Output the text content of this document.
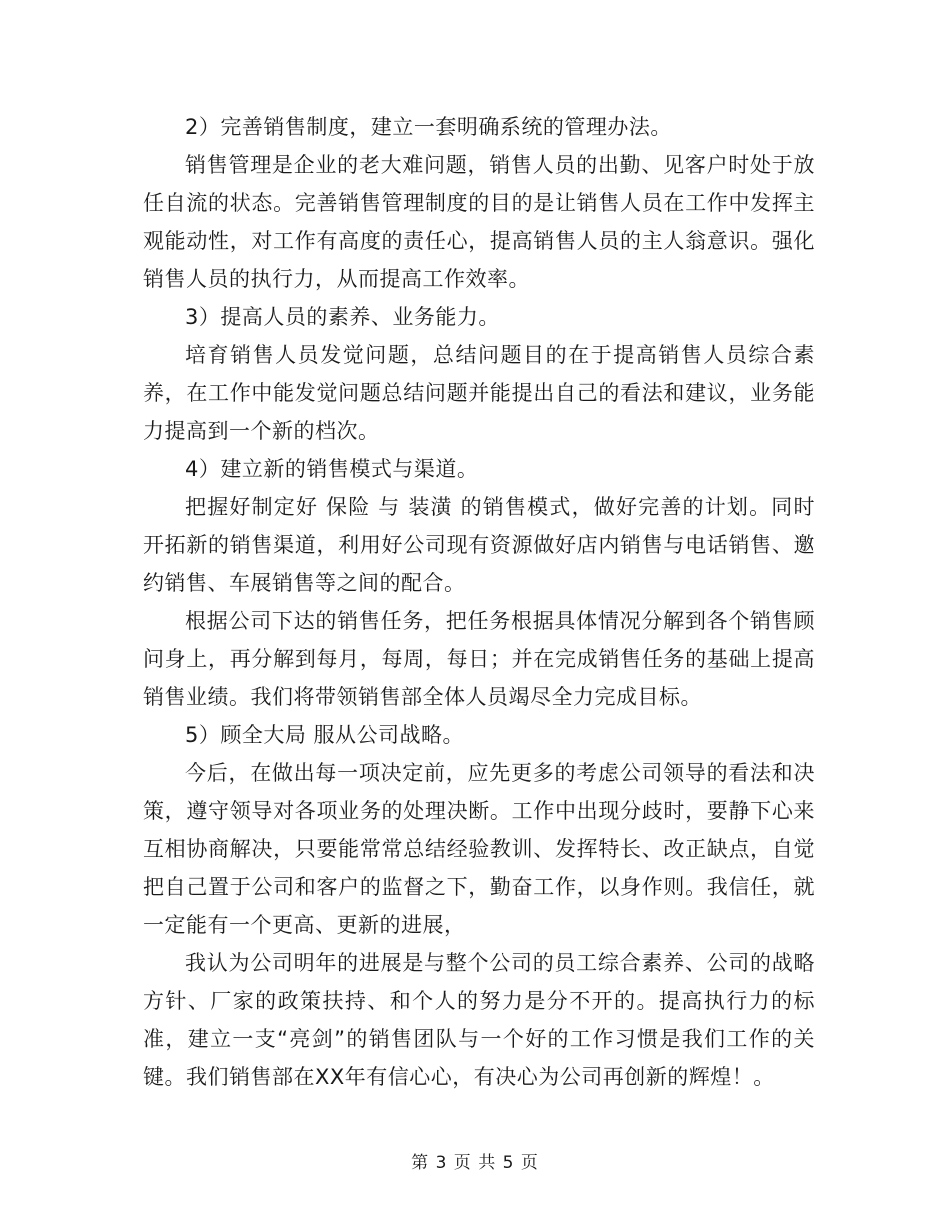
2）完善销售制度，建立一套明确系统的管理办法。

销售管理是企业的老大难问题，销售人员的出勤、见客户时处于放任自流的状态。完善销售管理制度的目的是让销售人员在工作中发挥主观能动性，对工作有高度的责任心，提高销售人员的主人翁意识。强化销售人员的执行力，从而提高工作效率。

3）提高人员的素养、业务能力。

培育销售人员发觉问题，总结问题目的在于提高销售人员综合素养，在工作中能发觉问题总结问题并能提出自己的看法和建议，业务能力提高到一个新的档次。

4）建立新的销售模式与渠道。

把握好制定好 保险 与 装潢 的销售模式，做好完善的计划。同时开拓新的销售渠道，利用好公司现有资源做好店内销售与电话销售、邀约销售、车展销售等之间的配合。

根据公司下达的销售任务，把任务根据具体情况分解到各个销售顾问身上，再分解到每月，每周，每日；并在完成销售任务的基础上提高销售业绩。我们将带领销售部全体人员竭尽全力完成目标。

5）顾全大局 服从公司战略。

今后，在做出每一项决定前，应先更多的考虑公司领导的看法和决策，遵守领导对各项业务的处理决断。工作中出现分歧时，要静下心来互相协商解决，只要能常常总结经验教训、发挥特长、改正缺点，自觉把自己置于公司和客户的监督之下，勤奋工作，以身作则。我信任，就一定能有一个更高、更新的进展，

我认为公司明年的进展是与整个公司的员工综合素养、公司的战略方针、厂家的政策扶持、和个人的努力是分不开的。提高执行力的标准，建立一支“亮剑”的销售团队与一个好的工作习惯是我们工作的关键。我们销售部在XX年有信心心，有决心为公司再创新的辉煌！。

第 3 页 共 5 页
